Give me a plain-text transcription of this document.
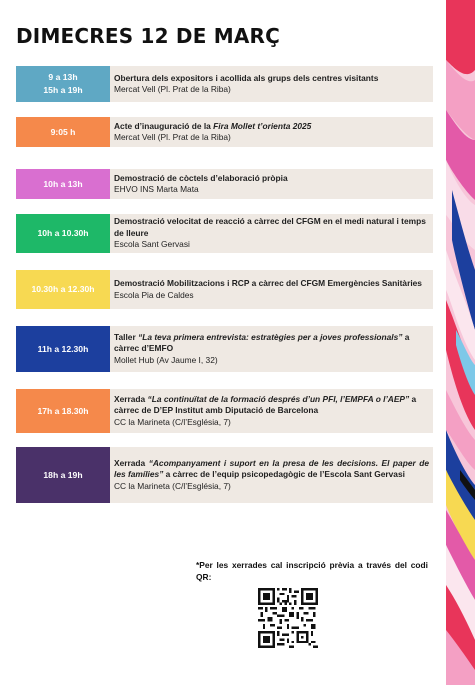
DIMECRES 12 DE MARÇ
9 a 13h
15h a 19h
Obertura dels expositors i acollida als grups dels centres visitants
Mercat Vell (Pl. Prat de la Riba)
9:05 h
Acte d’inauguració de la Fira Mollet t’orienta 2025
Mercat Vell (Pl. Prat de la Riba)
10h a 13h
Demostració de còctels d’elaboració pròpia
EHVO INS Marta Mata
10h a 10.30h
Demostració velocitat de reacció a càrrec del CFGM en el medi natural i temps de lleure
Escola Sant Gervasi
10.30h a 12.30h
Demostració Mobilitzacions i RCP a càrrec del CFGM Emergències Sanitàries
Escola Pia de Caldes
11h a 12.30h
Taller “La teva primera entrevista: estratègies per a joves professionals” a càrrec d’EMFO
Mollet Hub (Av Jaume I, 32)
17h a 18.30h
Xerrada “La continuïtat de la formació després d’un PFI, l’EMPFA o l’AEP” a càrrec de D’EP Institut amb Diputació de Barcelona
CC la Marineta (C/l’Església, 7)
18h a 19h
Xerrada “Acompanyament i suport en la presa de les decisions. El paper de les famílies” a càrrec de l’equip psicopedagògic de l’Escola Sant Gervasi
CC la Marineta (C/l’Església, 7)
*Per les xerrades cal inscripció prèvia a través del codi QR:
